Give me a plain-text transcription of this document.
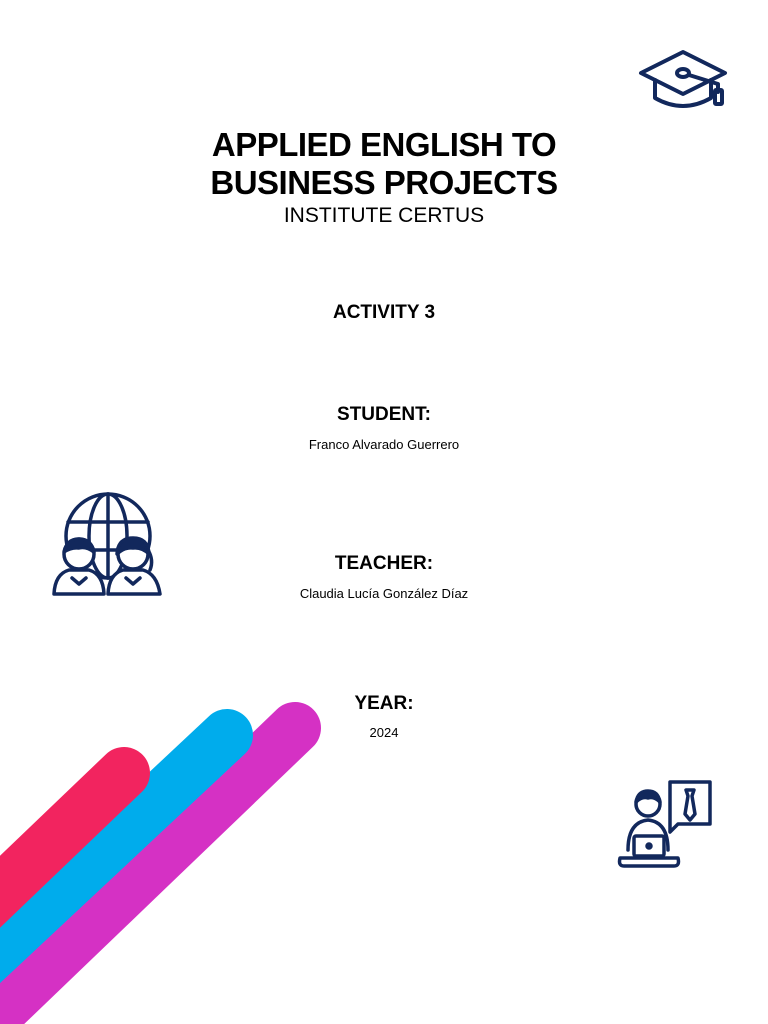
APPLIED ENGLISH TO
BUSINESS PROJECTS
INSTITUTE CERTUS
ACTIVITY 3
STUDENT:
Franco Alvarado Guerrero
TEACHER:
Claudia Lucía González Díaz
YEAR:
2024
